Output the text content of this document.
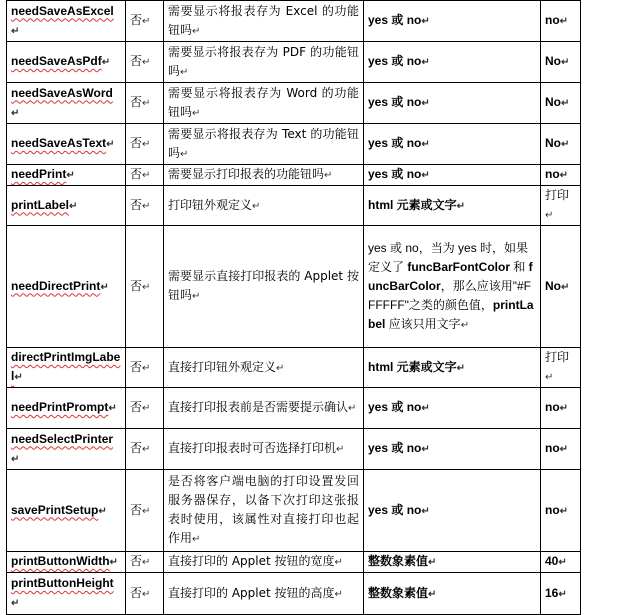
needSaveAsExcel↵	否↵	需要显示将报表存为 Excel 的功能钮吗↵	yes 或 no↵	no↵
needSaveAsPdf↵	否↵	需要显示将报表存为 PDF 的功能钮吗↵	yes 或 no↵	No↵
needSaveAsWord↵	否↵	需要显示将报表存为 Word 的功能钮吗↵	yes 或 no↵	No↵
needSaveAsText↵	否↵	需要显示将报表存为 Text 的功能钮吗↵	yes 或 no↵	No↵
needPrint↵	否↵	需要显示打印报表的功能钮吗↵	yes 或 no↵	no↵
printLabel↵	否↵	打印钮外观定义↵	html 元素或文字↵	打印↵
needDirectPrint↵	否↵	需要显示直接打印报表的 Applet 按钮吗↵	yes 或 no，当为 yes 时，如果定义了 funcBarFontColor 和 funcBarColor，那么应该用"#FFFFFF"之类的颜色值，printLabel 应该只用文字↵	No↵
directPrintImgLabel↵	否↵	直接打印钮外观定义↵	html 元素或文字↵	打印↵
needPrintPrompt↵	否↵	直接打印报表前是否需要提示确认↵	yes 或 no↵	no↵
needSelectPrinter↵	否↵	直接打印报表时可否选择打印机↵	yes 或 no↵	no↵
savePrintSetup↵	否↵	是否将客户端电脑的打印设置发回服务器保存，以备下次打印这张报表时使用，该属性对直接打印也起作用↵	yes 或 no↵	no↵
printButtonWidth↵	否↵	直接打印的 Applet 按钮的宽度↵	整数象素值↵	40↵
printButtonHeight↵	否↵	直接打印的 Applet 按钮的高度↵	整数象素值↵	16↵
